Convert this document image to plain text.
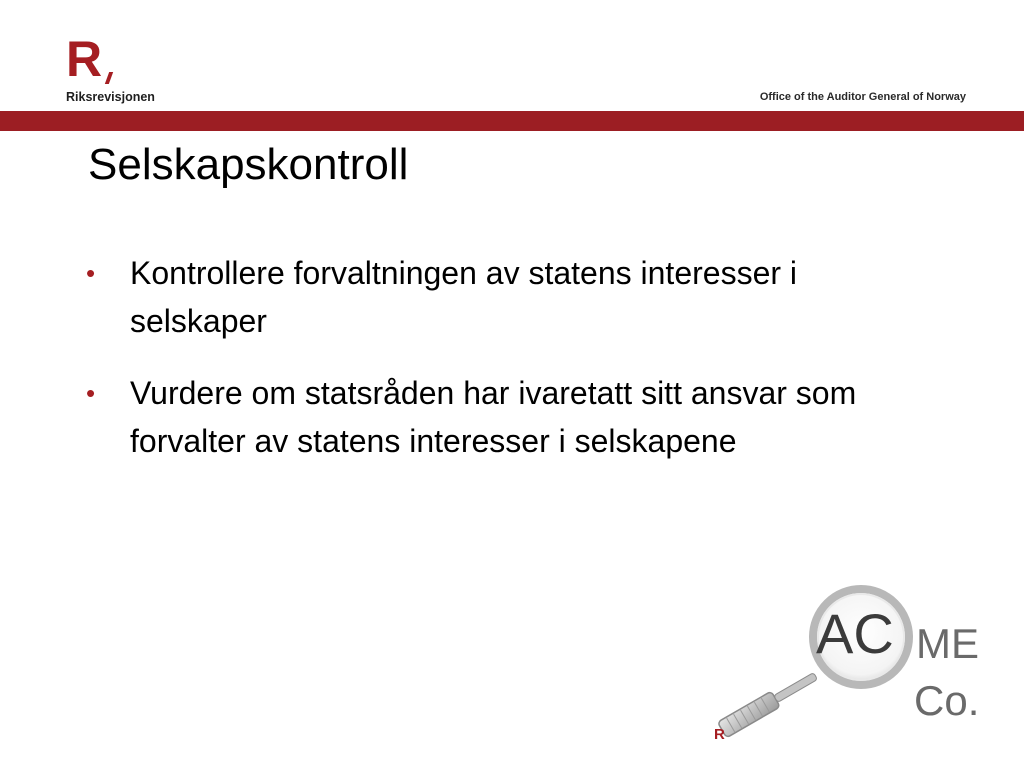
R
Riksrevisjonen	Office of the Auditor General of Norway
Selskapskontroll
• Kontrollere forvaltningen av statens interesser i selskaper
• Vurdere om statsråden har ivaretatt sitt ansvar som forvalter av statens interesser i selskapene
R
AC ME
Co.
